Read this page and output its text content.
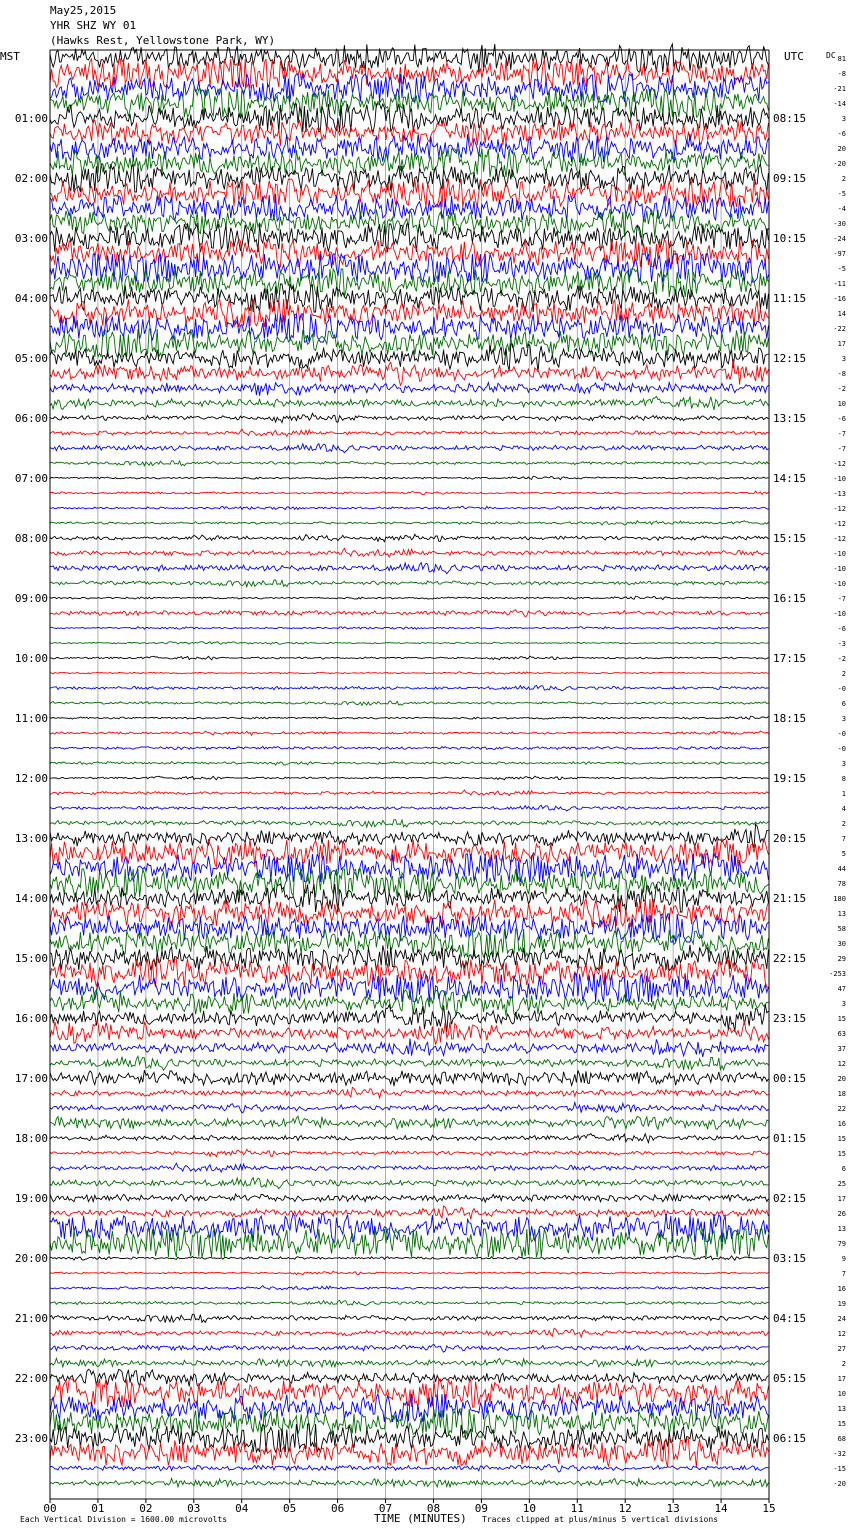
00	01	02	03	04	05	06	07	08	09	10	11	12	13	14	15
01:00
02:00
03:00
04:00
05:00
06:00
07:00
08:00
09:00
10:00
11:00
12:00
13:00
14:00
15:00
16:00
17:00
18:00
19:00
20:00
21:00
22:00
23:00
08:15
09:15
10:15
11:15
12:15
13:15
14:15
15:15
16:15
17:15
18:15
19:15
20:15
21:15
22:15
23:15
00:15
01:15
02:15
03:15
04:15
05:15
06:15
81
-8
-21
-14
3
-6
20
-20
2
-5
-4
-30
-24
-97
-5
-11
-16
14
-22
17
3
-8
-2
10
-6
-7
-7
-12
-10
-13
-12
-12
-12
-10
-10
-10
-7
-10
-6
-3
-2
2
-0
6
3
-0
-0
3
8
1
4
2
7
5
44
78
180
13
58
30
29
-253
47
3
15
63
37
12
20
18
22
16
15
15
6
25
17
26
13
79
9
7
16
19
24
12
27
2
17
10
13
15
68
-32
-15
-20
May25,2015
YHR SHZ WY 01
(Hawks Rest, Yellowstone Park, WY)
MST	UTC	DC
Each Vertical Division = 1600.00 microvolts	TIME (MINUTES) Traces clipped at plus/minus 5 vertical divisions
